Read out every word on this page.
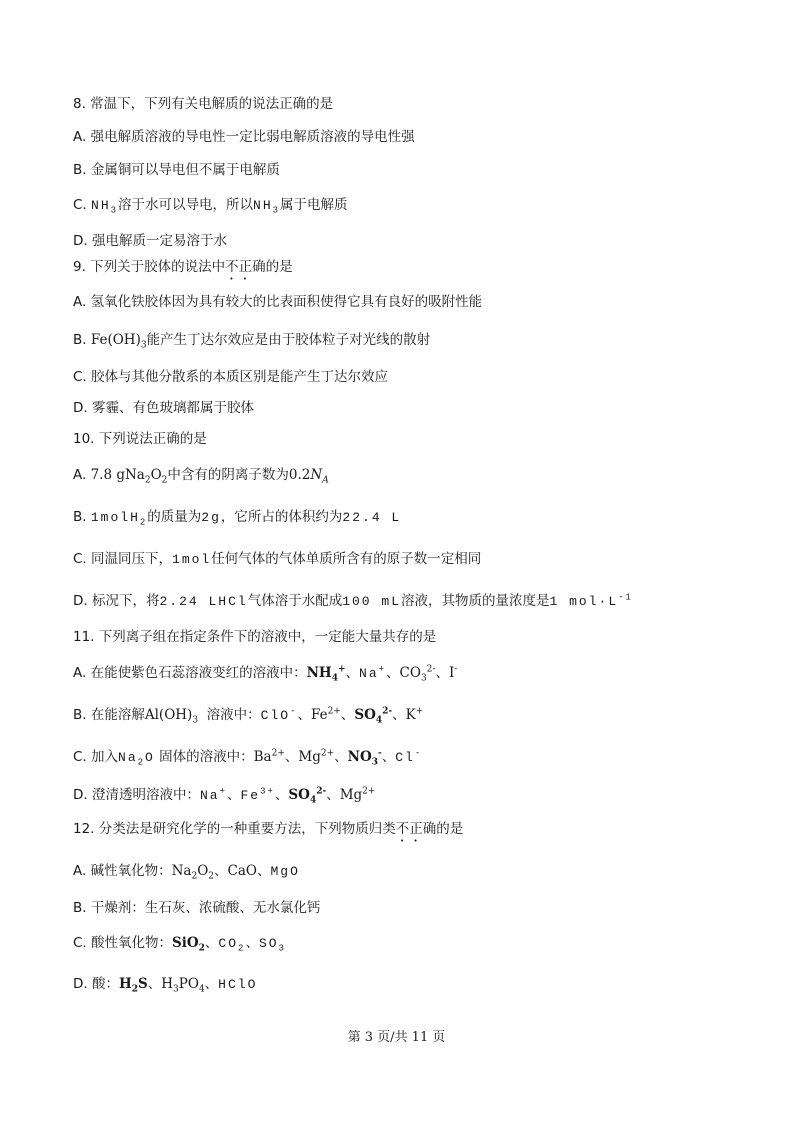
8. 常温下，下列有关电解质的说法正确的是
A. 强电解质溶液的导电性一定比弱电解质溶液的导电性强
B. 金属铜可以导电但不属于电解质
C. $NH_3$溶于水可以导电，所以$NH_3$属于电解质
D. 强电解质一定易溶于水
9. 下列关于胶体的说法中不正确的是
A. 氢氧化铁胶体因为具有较大的比表面积使得它具有良好的吸附性能
B. $Fe(OH)_3$能产生丁达尔效应是由于胶体粒子对光线的散射
C. 胶体与其他分散系的本质区别是能产生丁达尔效应
D. 雾霾、有色玻璃都属于胶体
10. 下列说法正确的是
A. 7.8 $gNa_2O_2$中含有的阴离子数为$0.2N_A$
B. 1molH$_2$的质量为2g，它所占的体积约为22.4 L
C. 同温同压下，1mol任何气体的气体单质所含有的原子数一定相同
D. 标况下，将2.24 LHCl气体溶于水配成100 mL溶液，其物质的量浓度是1 $mol\cdot L^{-1}$
11. 下列离子组在指定条件下的溶液中，一定能大量共存的是
A. 在能使紫色石蕊溶液变红的溶液中：$NH_4^+$、Na+、$CO_3^{2-}$、I-
B. 在能溶解$Al(OH)_3$  溶液中：ClO-、$Fe^{2+}$、$SO_4^{2-}$、K+
C. 加入$Na_2O$ 固体的溶液中：$Ba^{2+}$、$Mg^{2+}$、$NO_3^-$、Cl-
D. 澄清透明溶液中：Na+、$Fe^{3+}$、$SO_4^{2-}$、$Mg^{2+}$
12. 分类法是研究化学的一种重要方法，下列物质归类不正确的是
A. 碱性氧化物：$Na_2O_2$、CaO、MgO
B. 干燥剂：生石灰、浓硫酸、无水氯化钙
C. 酸性氧化物：SiO$_2$、$CO_2$、$SO_3$
D. 酸：$H_2S$、$H_3PO_4$、HClO
第 3 页/共 11 页
